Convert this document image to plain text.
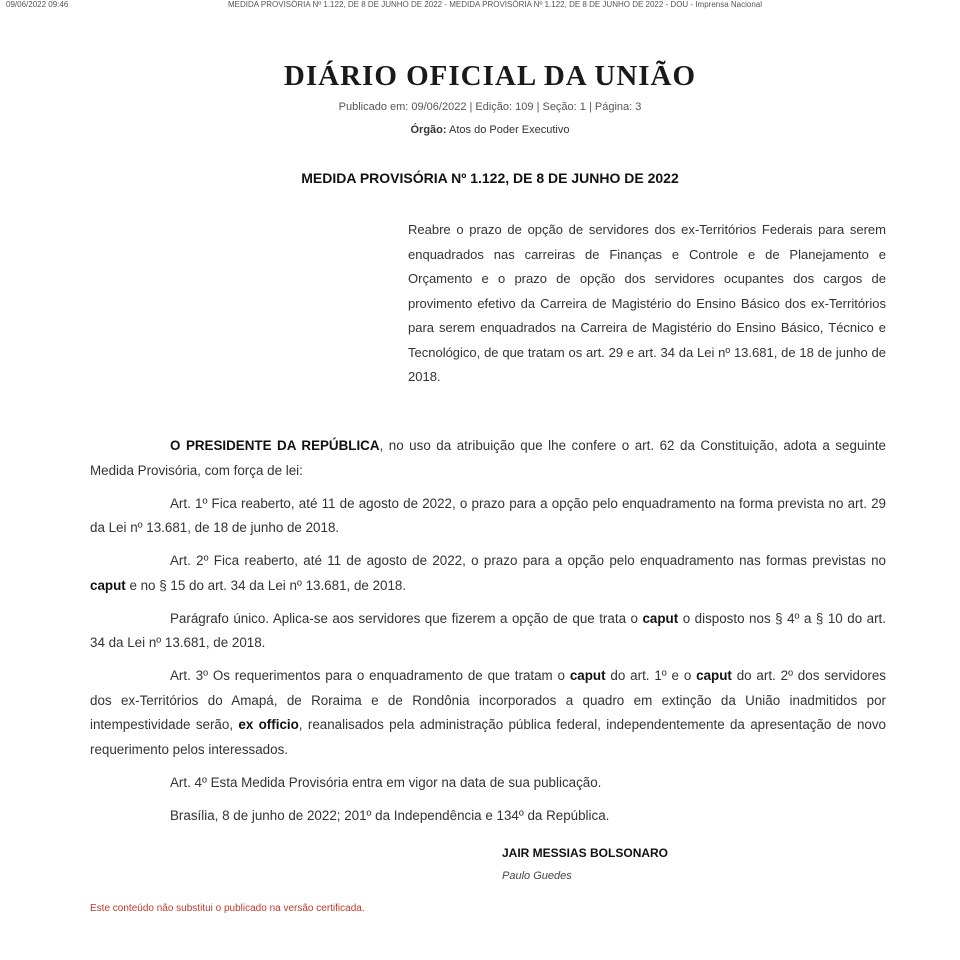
09/06/2022 09:46	MEDIDA PROVISÓRIA Nº 1.122, DE 8 DE JUNHO DE 2022 - MEDIDA PROVISÓRIA Nº 1.122, DE 8 DE JUNHO DE 2022 - DOU - Imprensa Nacional
DIÁRIO OFICIAL DA UNIÃO
Publicado em: 09/06/2022 | Edição: 109 | Seção: 1 | Página: 3
Órgão: Atos do Poder Executivo
MEDIDA PROVISÓRIA Nº 1.122, DE 8 DE JUNHO DE 2022
Reabre o prazo de opção de servidores dos ex-Territórios Federais para serem enquadrados nas carreiras de Finanças e Controle e de Planejamento e Orçamento e o prazo de opção dos servidores ocupantes dos cargos de provimento efetivo da Carreira de Magistério do Ensino Básico dos ex-Territórios para serem enquadrados na Carreira de Magistério do Ensino Básico, Técnico e Tecnológico, de que tratam os art. 29 e art. 34 da Lei nº 13.681, de 18 de junho de 2018.

O PRESIDENTE DA REPÚBLICA, no uso da atribuição que lhe confere o art. 62 da Constituição, adota a seguinte Medida Provisória, com força de lei:

Art. 1º Fica reaberto, até 11 de agosto de 2022, o prazo para a opção pelo enquadramento na forma prevista no art. 29 da Lei nº 13.681, de 18 de junho de 2018.

Art. 2º Fica reaberto, até 11 de agosto de 2022, o prazo para a opção pelo enquadramento nas formas previstas no caput e no § 15 do art. 34 da Lei nº 13.681, de 2018.

Parágrafo único. Aplica-se aos servidores que fizerem a opção de que trata o caput o disposto nos § 4º a § 10 do art. 34 da Lei nº 13.681, de 2018.

Art. 3º Os requerimentos para o enquadramento de que tratam o caput do art. 1º e o caput do art. 2º dos servidores dos ex-Territórios do Amapá, de Roraima e de Rondônia incorporados a quadro em extinção da União inadmitidos por intempestividade serão, ex officio, reanalisados pela administração pública federal, independentemente da apresentação de novo requerimento pelos interessados.

Art. 4º Esta Medida Provisória entra em vigor na data de sua publicação.

Brasília, 8 de junho de 2022; 201º da Independência e 134º da República.

JAIR MESSIAS BOLSONARO
Paulo Guedes
Este conteúdo não substitui o publicado na versão certificada.
